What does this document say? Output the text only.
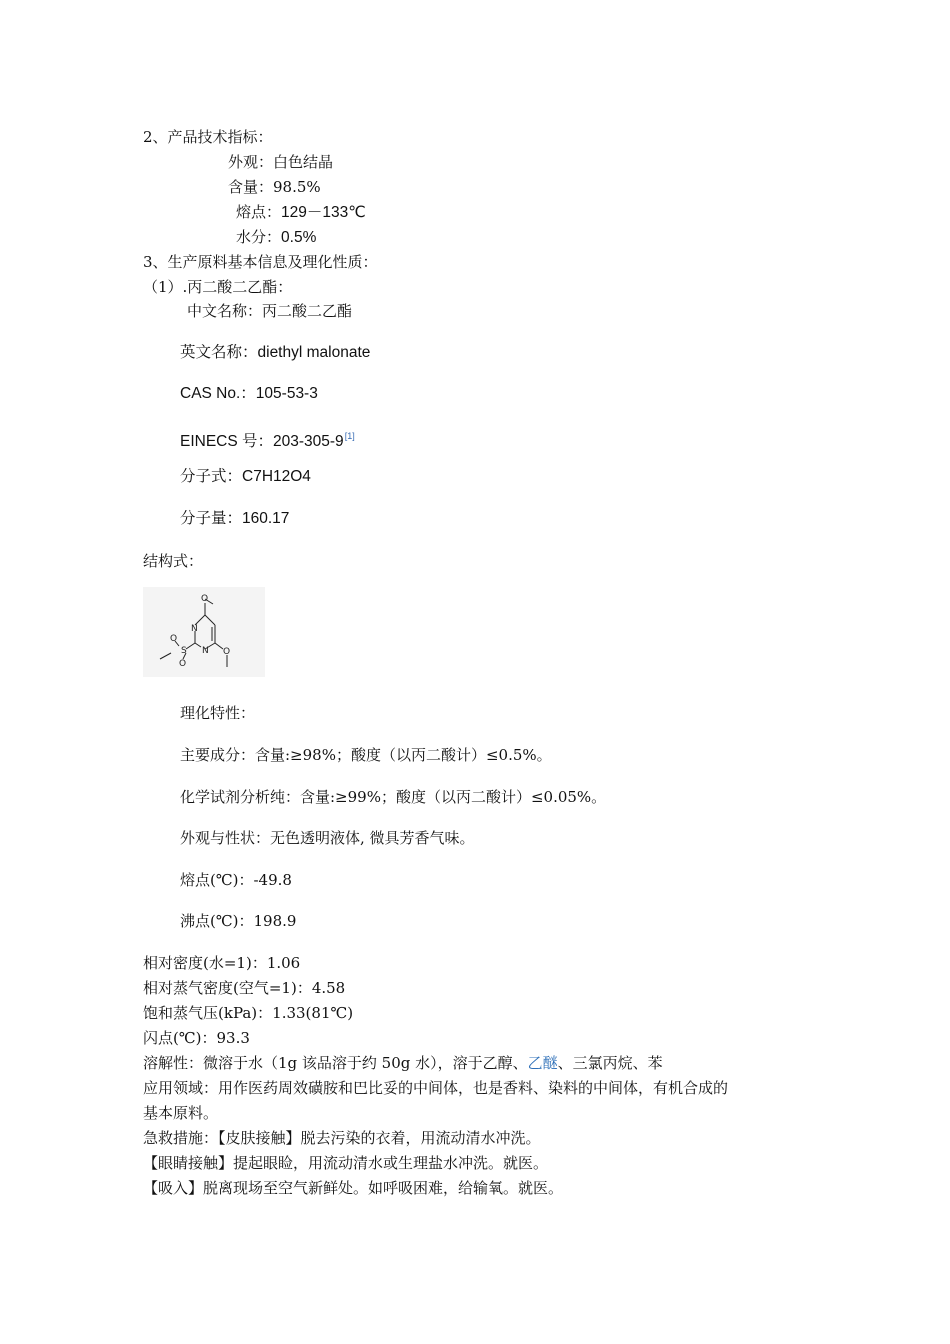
2、产品技术指标：
外观：白色结晶
含量：98.5%
熔点：129－133℃
水分：0.5%
3、生产原料基本信息及理化性质：
（1）.丙二酸二乙酯：
中文名称：丙二酸二乙酯
英文名称：diethyl malonate
CAS No.：105-53-3
EINECS 号：203-305-9[1]
分子式：C7H12O4
分子量：160.17
结构式：
O
N
N
S
O
O
O
理化特性：
主要成分：含量:≥98%；酸度（以丙二酸计）≤0.5%。
化学试剂分析纯：含量:≥99%；酸度（以丙二酸计）≤0.05%。
外观与性状：无色透明液体, 微具芳香气味。
熔点(℃)：-49.8
沸点(℃)：198.9
相对密度(水=1)：1.06
相对蒸气密度(空气=1)：4.58
饱和蒸气压(kPa)：1.33(81℃)
闪点(℃)：93.3
溶解性：微溶于水（1g 该品溶于约 50g 水），溶于乙醇、乙醚、三氯丙烷、苯
应用领域：用作医药周效磺胺和巴比妥的中间体，也是香料、染料的中间体，有机合成的
基本原料。
急救措施：【皮肤接触】脱去污染的衣着，用流动清水冲洗。
【眼睛接触】提起眼睑，用流动清水或生理盐水冲洗。就医。
【吸入】脱离现场至空气新鲜处。如呼吸困难，给输氧。就医。
